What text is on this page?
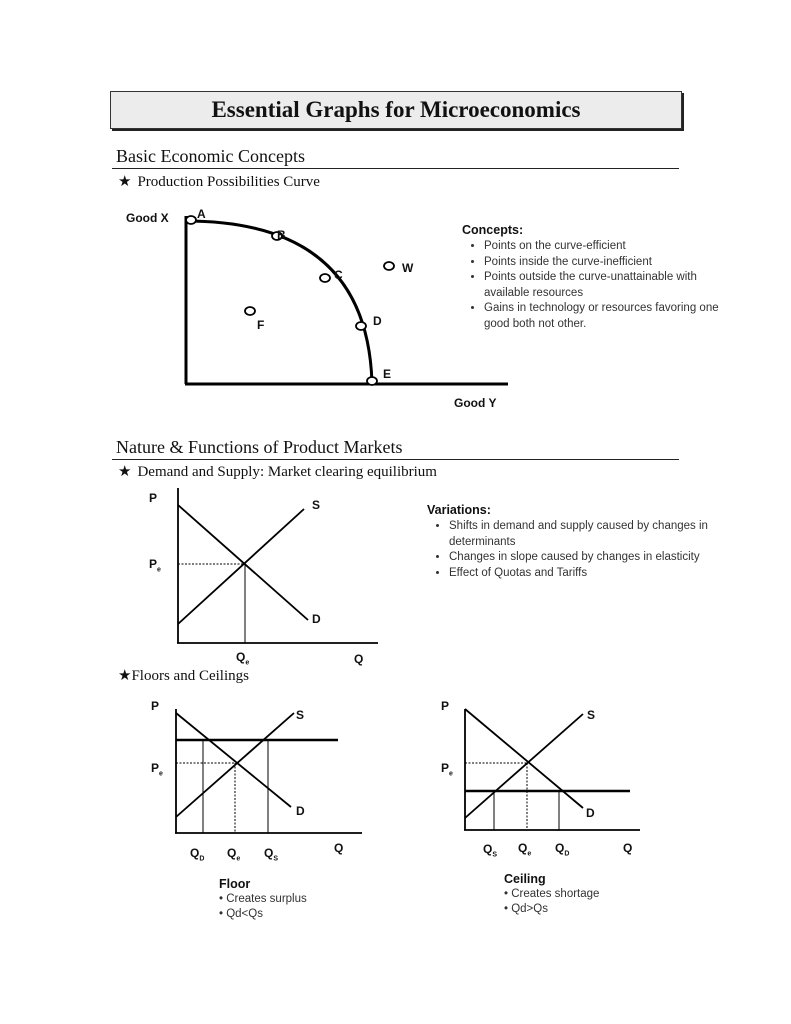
Essential Graphs for Microeconomics
Basic Economic Concepts
★ Production Possibilities Curve
Good X
Good Y
A
B
C
D
E
F
W
Concepts:
• Points on the curve-efficient
• Points inside the curve-inefficient
• Points outside the curve-unattainable with available resources
• Gains in technology or resources favoring one good both not other.
Nature & Functions of Product Markets
★ Demand and Supply: Market clearing equilibrium
P	S
$P_e$
D
$Q_e$	Q
Variations:
• Shifts in demand and supply caused by changes in determinants
• Changes in slope caused by changes in elasticity
• Effect of Quotas and Tariffs
★Floors and Ceilings
P
S
$P_e$
D
$Q_D$ $Q_e$ $Q_S$
Q
Floor
• Creates surplus
• Qd<Qs
P
S
$P_e$
D
$Q_S$ $Q_e$ $Q_D$	Q
Ceiling
• Creates shortage
• Qd>Qs
